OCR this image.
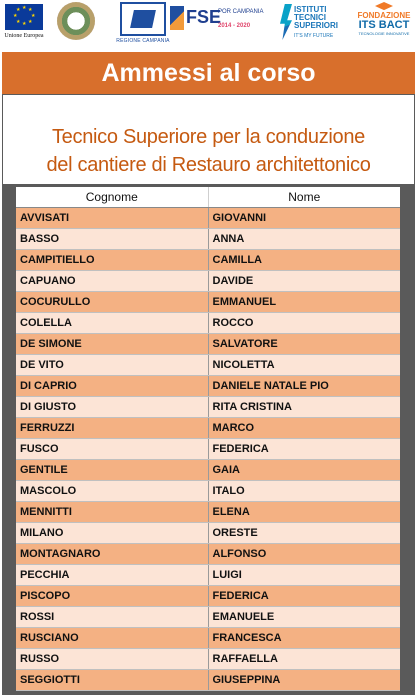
★ ★
★
★
★
★
★
★
Unione Europea
REGIONE CAMPANIA
FSE
POR CAMPANIA
2014 - 2020
ISTITUTI
TECNICI
SUPERIORI
IT'S MY FUTURE
FONDAZIONE
ITS BACT
TECNOLOGIE INNOVATIVE
Ammessi al corso

Tecnico Superiore per la conduzione

del cantiere di Restauro architettonico

Cognome	Nome
AVVISATI	GIOVANNI
BASSO	ANNA
CAMPITIELLO	CAMILLA
CAPUANO	DAVIDE
COCURULLO	EMMANUEL
COLELLA	ROCCO
DE SIMONE	SALVATORE
DE VITO	NICOLETTA
DI CAPRIO	DANIELE NATALE PIO
DI GIUSTO	RITA CRISTINA
FERRUZZI	MARCO
FUSCO	FEDERICA
GENTILE	GAIA
MASCOLO	ITALO
MENNITTI	ELENA
MILANO	ORESTE
MONTAGNARO	ALFONSO
PECCHIA	LUIGI
PISCOPO	FEDERICA
ROSSI	EMANUELE
RUSCIANO	FRANCESCA
RUSSO	RAFFAELLA
SEGGIOTTI	GIUSEPPINA
